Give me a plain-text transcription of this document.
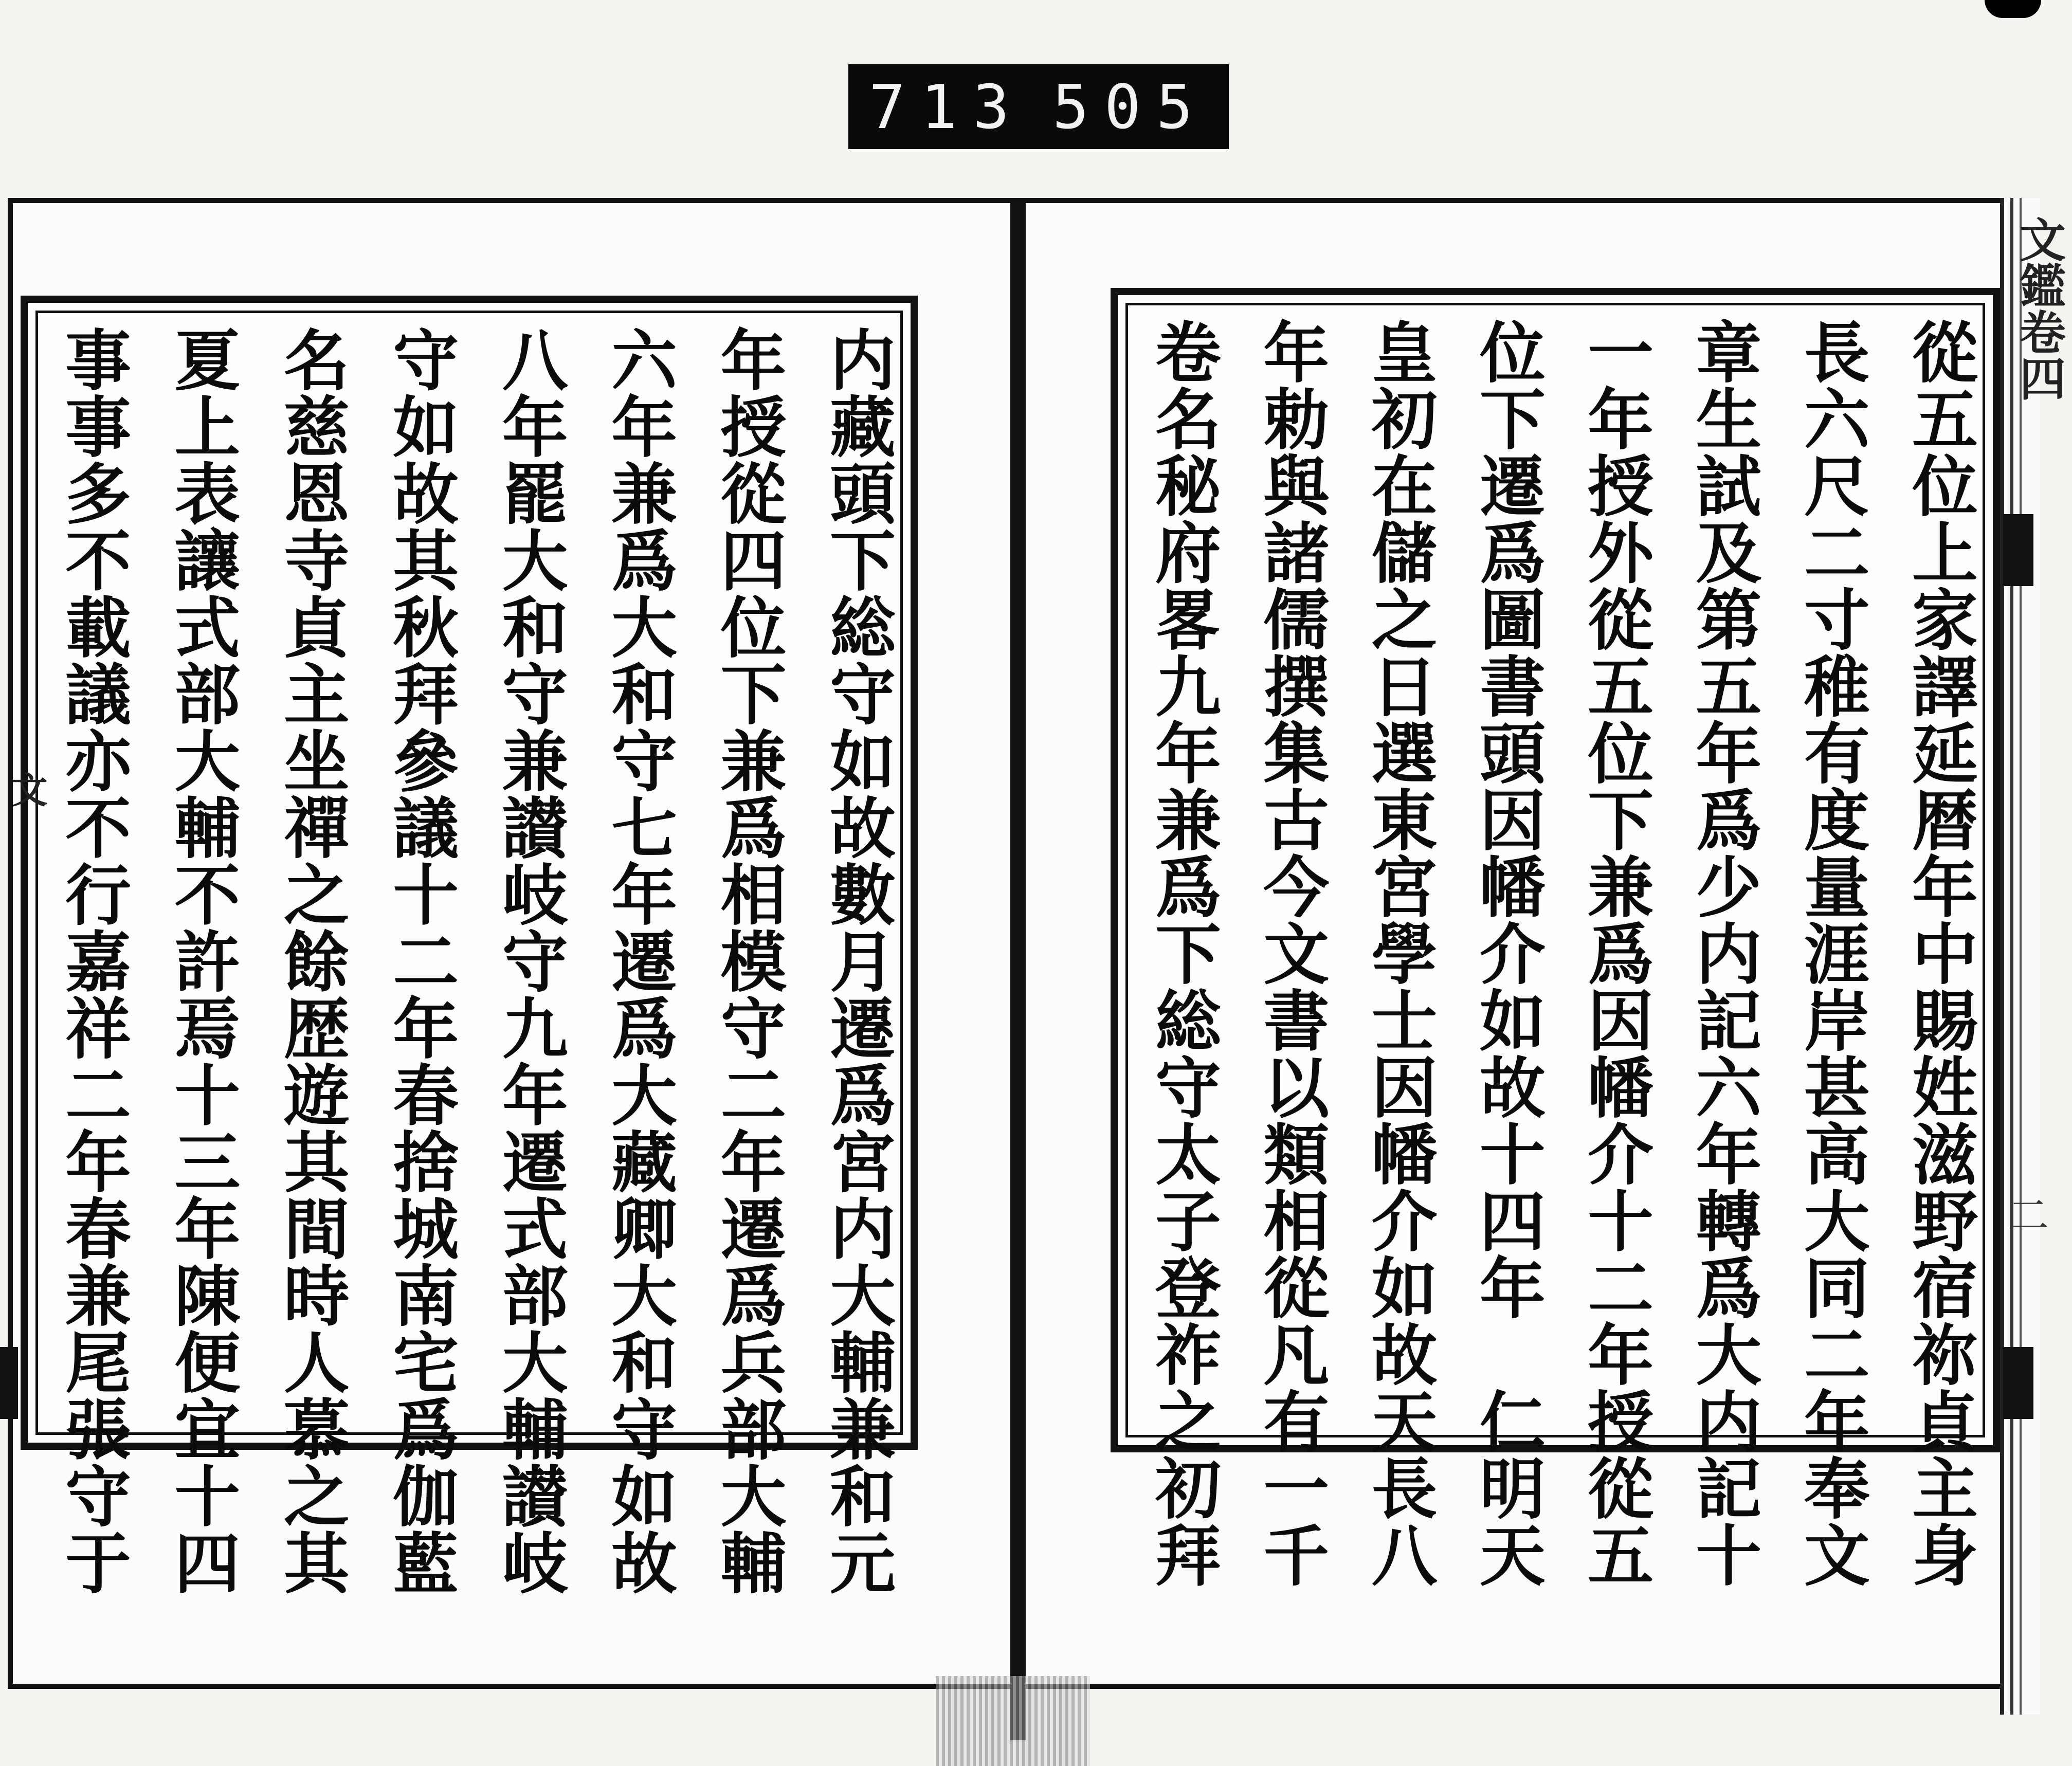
713 505
從五位上家譯延暦年中賜姓滋野宿祢貞主身
長六尺二寸稚有度量涯岸甚高大同二年奉文
章生試及第五年爲少内記六年轉爲大内記十
一年授外從五位下兼爲因幡介十二年授從五
位下遷爲圖書頭因幡介如故十四年　仁明天
皇初在儲之日選東宮學士因幡介如故天長八
年勅與諸儒撰集古今文書以類相從凡有一千
卷名秘府畧九年兼爲下総守太子登祚之初拜
文鑑卷四
二
内藏頭下総守如故數月遷爲宮内大輔兼和元
年授從四位下兼爲相模守二年遷爲兵部大輔
六年兼爲大和守七年遷爲大藏卿大和守如故
八年罷大和守兼讃岐守九年遷式部大輔讃岐
守如故其秋拜參議十二年春捨城南宅爲伽藍
名慈恩寺貞主坐禪之餘歴遊其間時人慕之其
夏上表讓式部大輔不許焉十三年陳便宜十四
事事多不載議亦不行嘉祥二年春兼尾張守于
文
